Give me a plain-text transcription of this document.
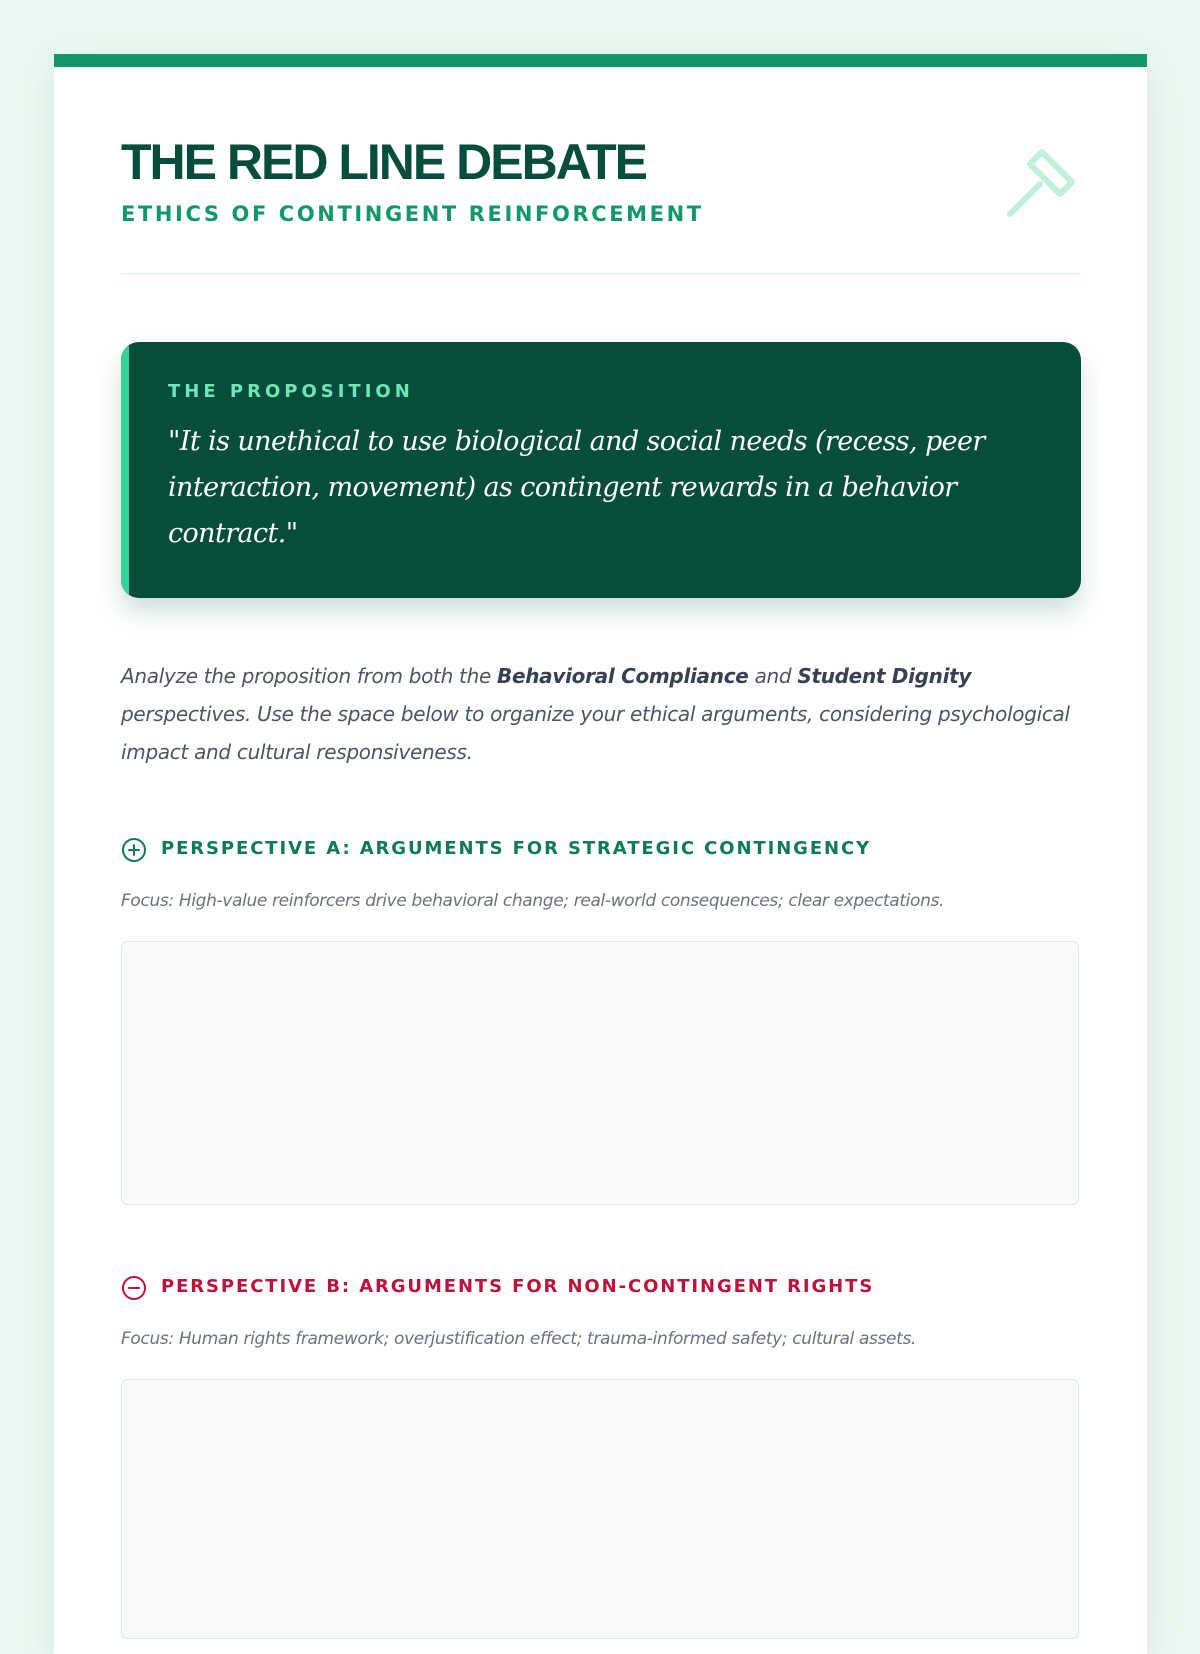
THE RED LINE DEBATE
ETHICS OF CONTINGENT REINFORCEMENT
THE PROPOSITION
"It is unethical to use biological and social needs (recess, peer interaction, movement) as contingent rewards in a behavior contract."
Analyze the proposition from both the Behavioral Compliance and Student Dignity perspectives. Use the space below to organize your ethical arguments, considering psychological impact and cultural responsiveness.
PERSPECTIVE A: ARGUMENTS FOR STRATEGIC CONTINGENCY
Focus: High-value reinforcers drive behavioral change; real-world consequences; clear expectations.
PERSPECTIVE B: ARGUMENTS FOR NON-CONTINGENT RIGHTS
Focus: Human rights framework; overjustification effect; trauma-informed safety; cultural assets.
